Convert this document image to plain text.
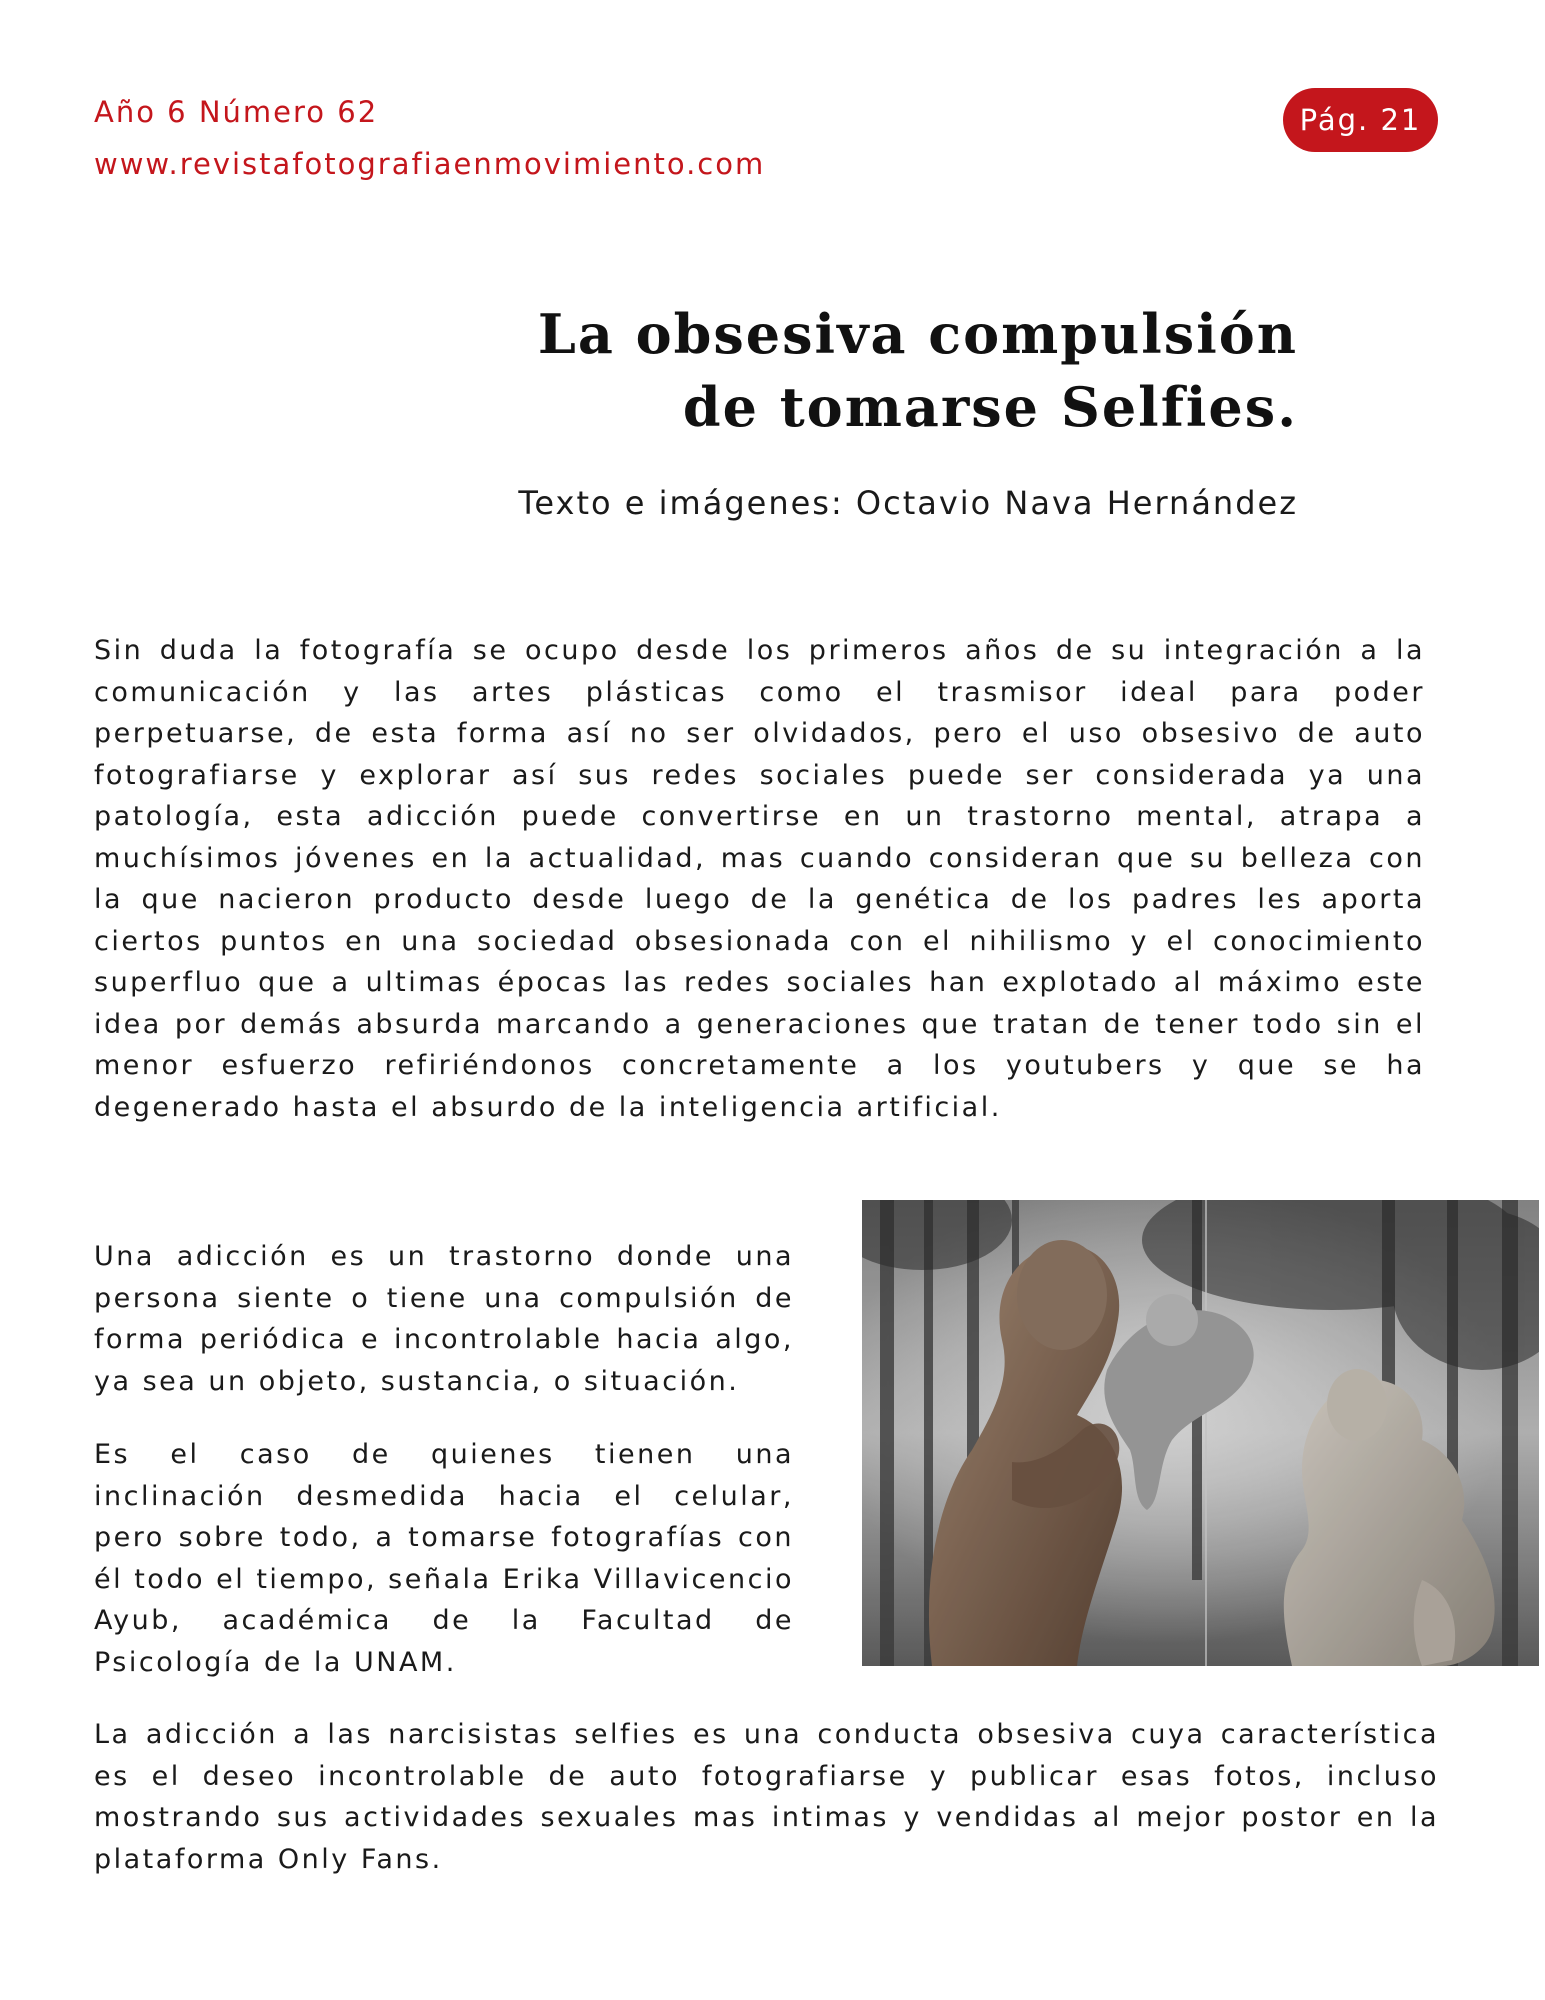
Año 6 Número 62
www.revistafotografiaenmovimiento.com
Pág. 21
La obsesiva compulsión
de tomarse Selfies.
Texto e imágenes: Octavio Nava Hernández

Sin duda la fotografía se ocupo desde los primeros años de su integración a la comunicación y las artes plásticas como el trasmisor ideal para poder perpetuarse, de esta forma así no ser olvidados, pero el uso obsesivo de auto fotografiarse y explorar así sus redes sociales puede ser considerada ya una patología, esta adicción puede convertirse en un trastorno mental, atrapa a muchísimos jóvenes en la actualidad, mas cuando consideran que su belleza con la que nacieron producto desde luego de la genética de los padres les aporta ciertos puntos en una sociedad obsesionada con el nihilismo y el conocimiento superfluo que a ultimas épocas las redes sociales han explotado al máximo este idea por demás absurda marcando a generaciones que tratan de tener todo sin el menor esfuerzo refiriéndonos concretamente a los youtubers y que se ha degenerado hasta el absurdo de la inteligencia artificial.

Una adicción es un trastorno donde una persona siente o tiene una compulsión de forma periódica e incontrolable hacia algo, ya sea un objeto, sustancia, o situación.

Es el caso de quienes tienen una inclinación desmedida hacia el celular, pero sobre todo, a tomarse fotografías con él todo el tiempo, señala Erika Villavicencio Ayub, académica de la Facultad de Psicología de la UNAM.

La adicción a las narcisistas selfies es una conducta obsesiva cuya característica es el deseo incontrolable de auto fotografiarse y publicar esas fotos, incluso mostrando sus actividades sexuales mas intimas y vendidas al mejor postor en la plataforma Only Fans.
